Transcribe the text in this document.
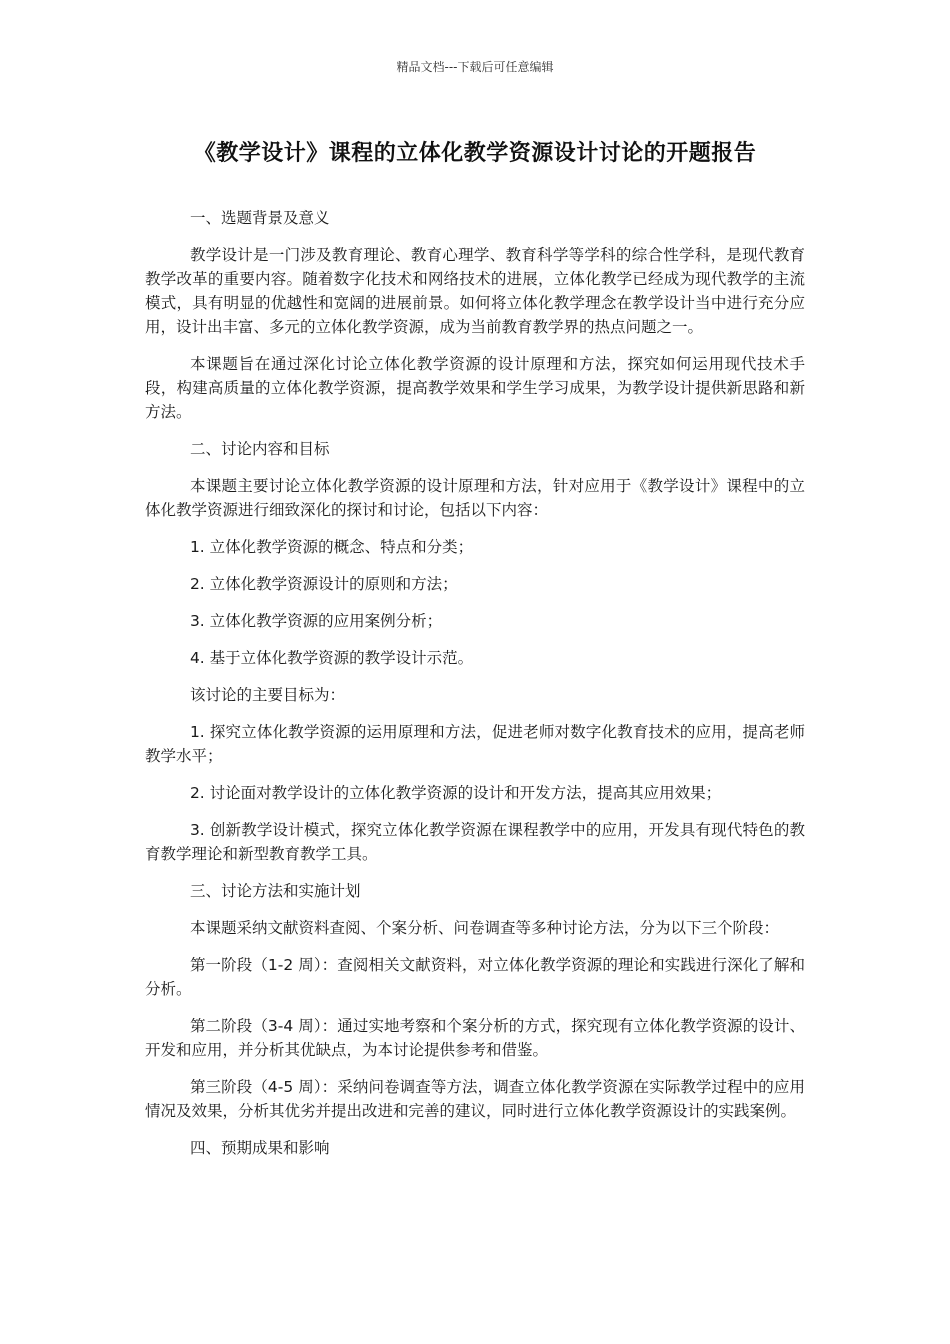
精品文档---下载后可任意编辑
《教学设计》课程的立体化教学资源设计讨论的开题报告

一、选题背景及意义

教学设计是一门涉及教育理论、教育心理学、教育科学等学科的综合性学科，是现代教育教学改革的重要内容。随着数字化技术和网络技术的进展，立体化教学已经成为现代教学的主流模式，具有明显的优越性和宽阔的进展前景。如何将立体化教学理念在教学设计当中进行充分应用，设计出丰富、多元的立体化教学资源，成为当前教育教学界的热点问题之一。

本课题旨在通过深化讨论立体化教学资源的设计原理和方法，探究如何运用现代技术手段，构建高质量的立体化教学资源，提高教学效果和学生学习成果，为教学设计提供新思路和新方法。

二、讨论内容和目标

本课题主要讨论立体化教学资源的设计原理和方法，针对应用于《教学设计》课程中的立体化教学资源进行细致深化的探讨和讨论，包括以下内容：

1. 立体化教学资源的概念、特点和分类；

2. 立体化教学资源设计的原则和方法；

3. 立体化教学资源的应用案例分析；

4. 基于立体化教学资源的教学设计示范。

该讨论的主要目标为：

1. 探究立体化教学资源的运用原理和方法，促进老师对数字化教育技术的应用，提高老师教学水平；

2. 讨论面对教学设计的立体化教学资源的设计和开发方法，提高其应用效果；

3. 创新教学设计模式，探究立体化教学资源在课程教学中的应用，开发具有现代特色的教育教学理论和新型教育教学工具。

三、讨论方法和实施计划

本课题采纳文献资料查阅、个案分析、问卷调查等多种讨论方法，分为以下三个阶段：

第一阶段（1-2 周）：查阅相关文献资料，对立体化教学资源的理论和实践进行深化了解和分析。

第二阶段（3-4 周）：通过实地考察和个案分析的方式，探究现有立体化教学资源的设计、开发和应用，并分析其优缺点，为本讨论提供参考和借鉴。

第三阶段（4-5 周）：采纳问卷调查等方法，调查立体化教学资源在实际教学过程中的应用情况及效果，分析其优劣并提出改进和完善的建议，同时进行立体化教学资源设计的实践案例。

四、预期成果和影响
